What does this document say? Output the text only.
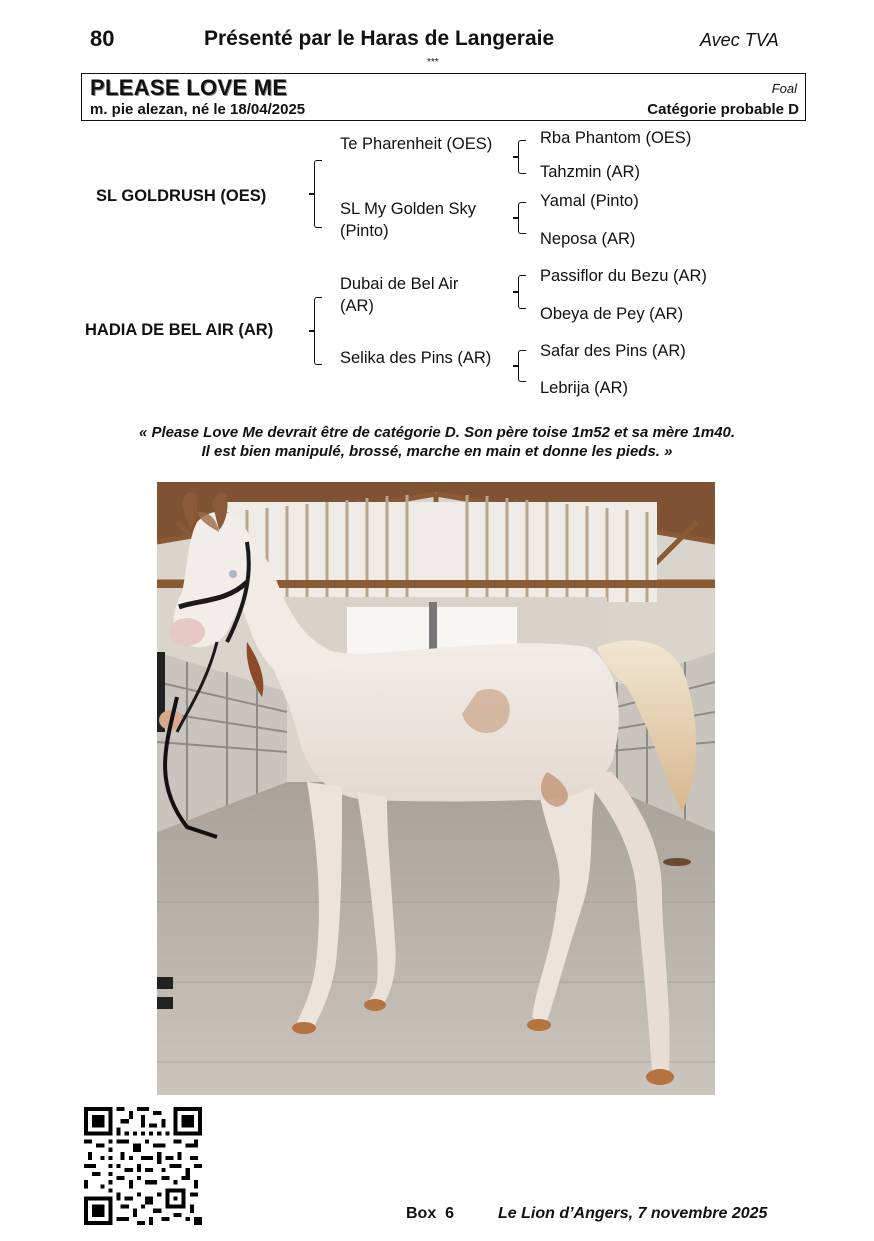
80	Présenté par le Haras de Langeraie	Avec TVA
***
PLEASE LOVE ME	Foal
m. pie alezan, né le 18/04/2025	Catégorie probable D
SL GOLDRUSH (OES)
HADIA DE BEL AIR (AR)
Te Pharenheit (OES)
SL My Golden Sky (Pinto)
Dubai de Bel Air (AR)
Selika des Pins (AR)
Rba Phantom (OES)
Tahzmin (AR)
Yamal (Pinto)
Neposa (AR)
Passiflor du Bezu (AR)
Obeya de Pey (AR)
Safar des Pins (AR)
Lebrija (AR)
« Please Love Me devrait être de catégorie D. Son père toise 1m52 et sa mère 1m40.
Il est bien manipulé, brossé, marche en main et donne les pieds. »
Box  6	Le Lion d’Angers, 7 novembre 2025
